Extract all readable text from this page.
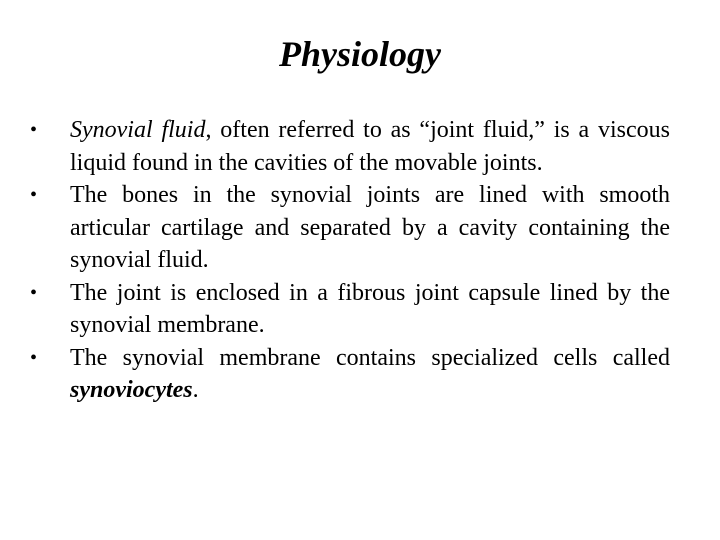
Physiology
•	Synovial fluid, often referred to as “joint fluid,” is a viscous liquid found in the cavities of the movable joints.
•	The bones in the synovial joints are lined with smooth articular cartilage and separated by a cavity containing the synovial fluid.
•	The joint is enclosed in a fibrous joint capsule lined by the synovial membrane.
•	The synovial membrane contains specialized cells called synoviocytes.
